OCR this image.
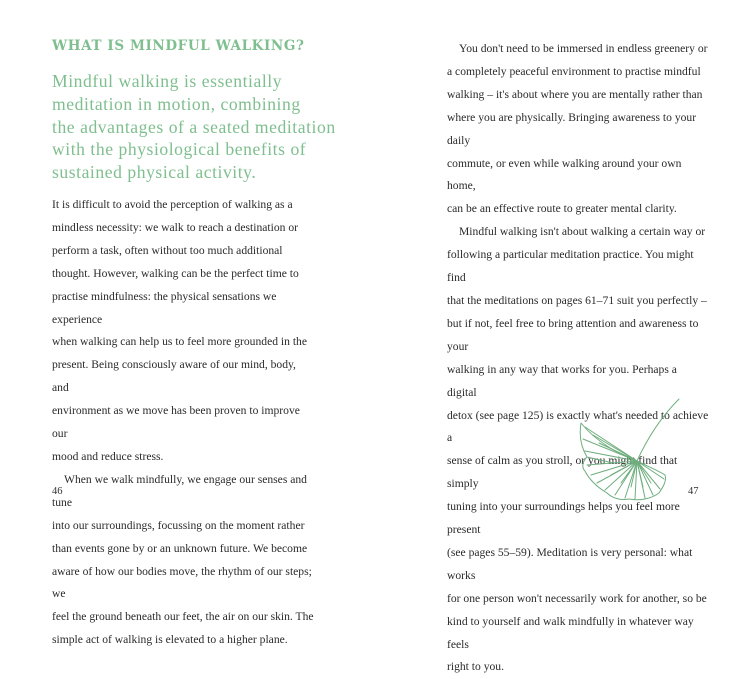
WHAT IS MINDFUL WALKING?
Mindful walking is essentially
meditation in motion, combining
the advantages of a seated meditation
with the physiological benefits of
sustained physical activity.
It is difficult to avoid the perception of walking as a
mindless necessity: we walk to reach a destination or
perform a task, often without too much additional
thought. However, walking can be the perfect time to
practise mindfulness: the physical sensations we experience
when walking can help us to feel more grounded in the
present. Being consciously aware of our mind, body, and
environment as we move has been proven to improve our
mood and reduce stress.
When we walk mindfully, we engage our senses and tune
into our surroundings, focussing on the moment rather
than events gone by or an unknown future. We become
aware of how our bodies move, the rhythm of our steps; we
feel the ground beneath our feet, the air on our skin. The
simple act of walking is elevated to a higher plane.
46
You don't need to be immersed in endless greenery or
a completely peaceful environment to practise mindful
walking – it's about where you are mentally rather than
where you are physically. Bringing awareness to your daily
commute, or even while walking around your own home,
can be an effective route to greater mental clarity.
Mindful walking isn't about walking a certain way or
following a particular meditation practice. You might find
that the meditations on pages 61–71 suit you perfectly –
but if not, feel free to bring attention and awareness to your
walking in any way that works for you. Perhaps a digital
detox (see page 125) is exactly what's needed to achieve a
sense of calm as you stroll, or you might find that simply
tuning into your surroundings helps you feel more present
(see pages 55–59). Meditation is very personal: what works
for one person won't necessarily work for another, so be
kind to yourself and walk mindfully in whatever way feels
right to you.
47
